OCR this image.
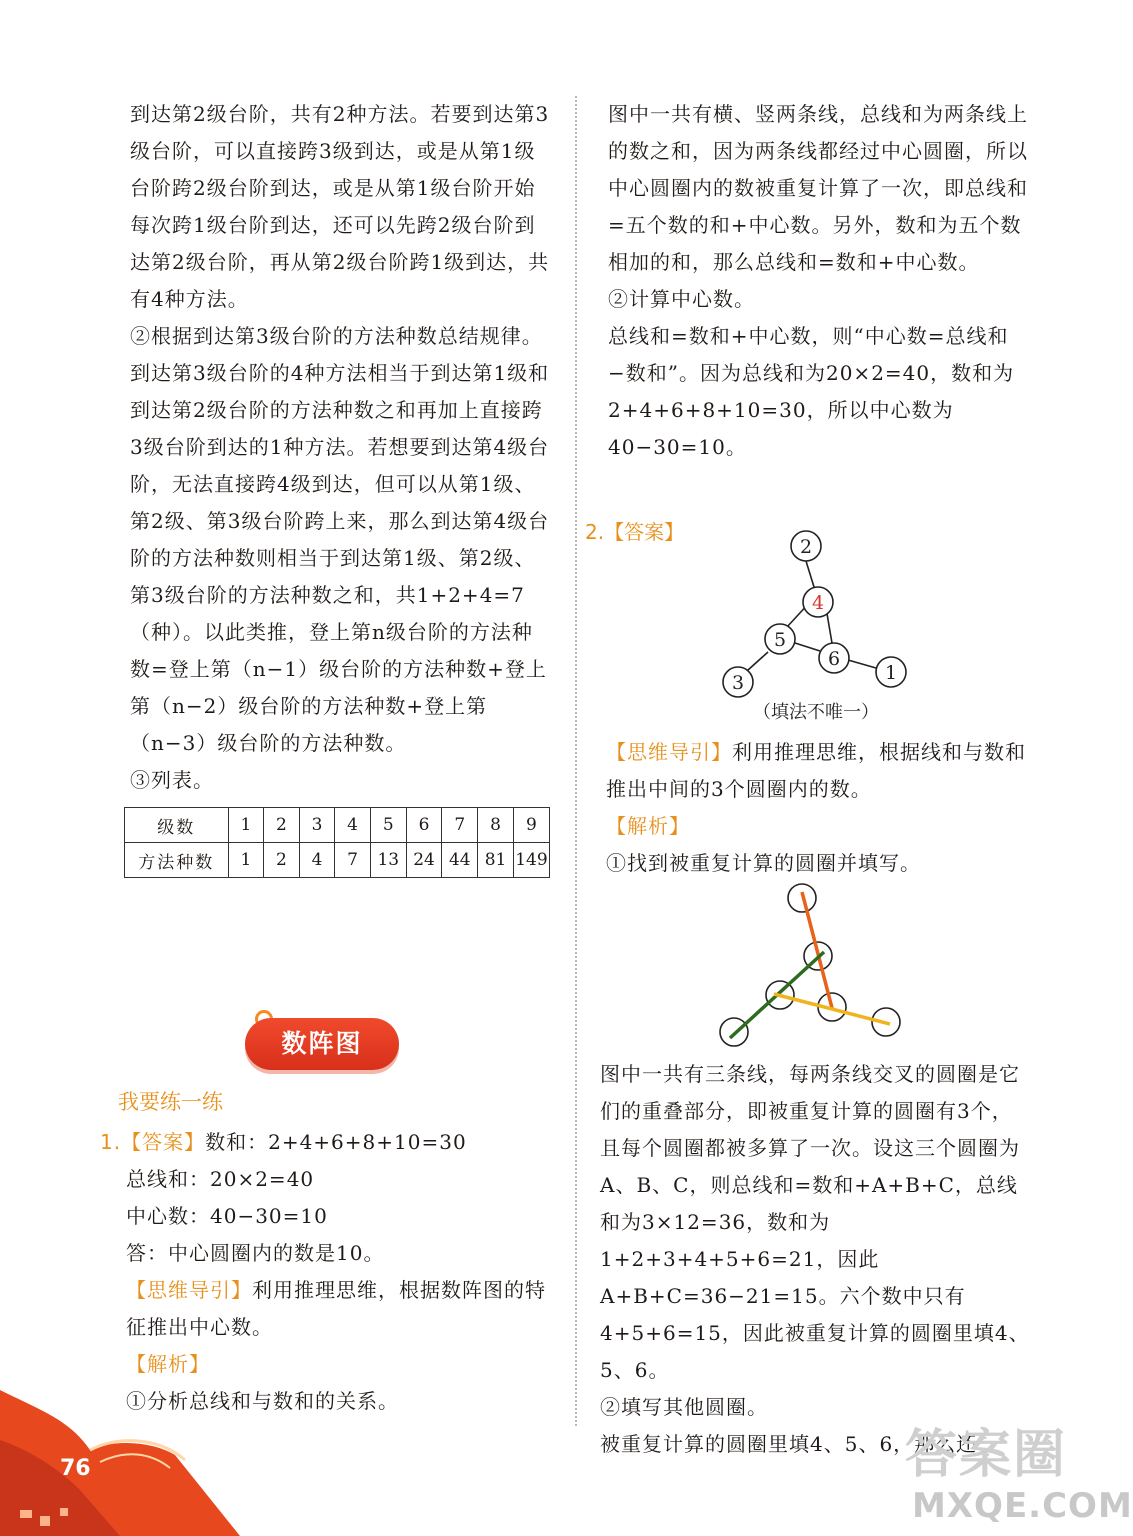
到达第2级台阶，共有2种方法。若要到达第3级台阶，可以直接跨3级到达，或是从第1级台阶跨2级台阶到达，或是从第1级台阶开始每次跨1级台阶到达，还可以先跨2级台阶到达第2级台阶，再从第2级台阶跨1级到达，共有4种方法。

②根据到达第3级台阶的方法种数总结规律。

到达第3级台阶的4种方法相当于到达第1级和到达第2级台阶的方法种数之和再加上直接跨3级台阶到达的1种方法。若想要到达第4级台阶，无法直接跨4级到达，但可以从第1级、第2级、第3级台阶跨上来，那么到达第4级台阶的方法种数则相当于到达第1级、第2级、第3级台阶的方法种数之和，共1+2+4=7（种）。以此类推，登上第n级台阶的方法种数=登上第（n−1）级台阶的方法种数+登上第（n−2）级台阶的方法种数+登上第（n−3）级台阶的方法种数。

③列表。

级数	1	2	3	4	5	6	7	8	9
方法种数	1	2	4	7	13	24	44	81	149
数阵图
我要练一练

1.【答案】数和：2+4+6+8+10=30

总线和：20×2=40

中心数：40−30=10

答：中心圆圈内的数是10。

【思维导引】利用推理思维，根据数阵图的特征推出中心数。

【解析】

①分析总线和与数和的关系。

图中一共有横、竖两条线，总线和为两条线上的数之和，因为两条线都经过中心圆圈，所以中心圆圈内的数被重复计算了一次，即总线和=五个数的和+中心数。另外，数和为五个数相加的和，那么总线和=数和+中心数。

②计算中心数。

总线和=数和+中心数，则“中心数=总线和−数和”。因为总线和为20×2=40，数和为2+4+6+8+10=30，所以中心数为40−30=10。

2.【答案】
2
4
5
6
1
3
（填法不唯一）

【思维导引】利用推理思维，根据线和与数和推出中间的3个圆圈内的数。

【解析】

①找到被重复计算的圆圈并填写。

图中一共有三条线，每两条线交叉的圆圈是它们的重叠部分，即被重复计算的圆圈有3个，且每个圆圈都被多算了一次。设这三个圆圈为A、B、C，则总线和=数和+A+B+C，总线和为3×12=36，数和为1+2+3+4+5+6=21，因此A+B+C=36−21=15。六个数中只有4+5+6=15，因此被重复计算的圆圈里填4、5、6。

②填写其他圆圈。

被重复计算的圆圈里填4、5、6，那么还

76	答案圈
MXQE.COM
